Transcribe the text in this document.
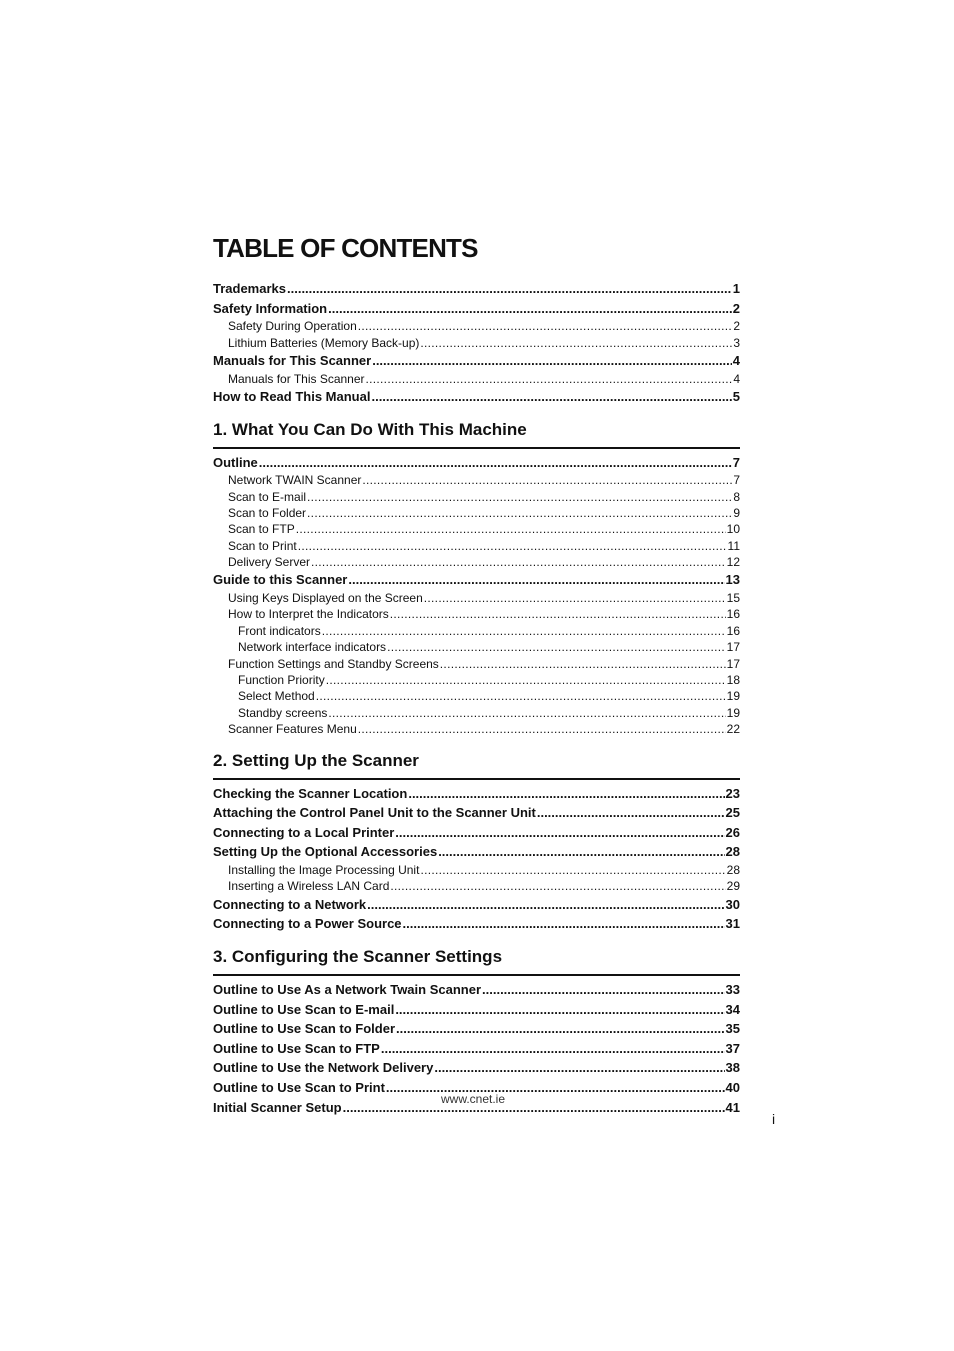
TABLE OF CONTENTS
Trademarks .....	1
Safety Information .....	2
Safety During Operation .....	2
Lithium Batteries (Memory Back-up) .....	3
Manuals for This Scanner .....	4
Manuals for This Scanner .....	4
How to Read This Manual .....	5
1. What You Can Do With This Machine
Outline .....	7
Network TWAIN Scanner .....	7
Scan to E-mail .....	8
Scan to Folder .....	9
Scan to FTP .....	10
Scan to Print .....	11
Delivery Server .....	12
Guide to this Scanner .....	13
Using Keys Displayed on the Screen .....	15
How to Interpret the Indicators .....	16
Front indicators .....	16
Network interface indicators .....	17
Function Settings and Standby Screens .....	17
Function Priority .....	18
Select Method .....	19
Standby screens .....	19
Scanner Features Menu .....	22
2. Setting Up the Scanner
Checking the Scanner Location .....	23
Attaching the Control Panel Unit to the Scanner Unit .....	25
Connecting to a Local Printer .....	26
Setting Up the Optional Accessories .....	28
Installing the Image Processing Unit .....	28
Inserting a Wireless LAN Card .....	29
Connecting to a Network .....	30
Connecting to a Power Source .....	31
3. Configuring the Scanner Settings
Outline to Use As a Network Twain Scanner .....	33
Outline to Use Scan to E-mail .....	34
Outline to Use Scan to Folder .....	35
Outline to Use Scan to FTP .....	37
Outline to Use the Network Delivery .....	38
Outline to Use Scan to Print .....	40
Initial Scanner Setup .....	41
www.cnet.ie
i
